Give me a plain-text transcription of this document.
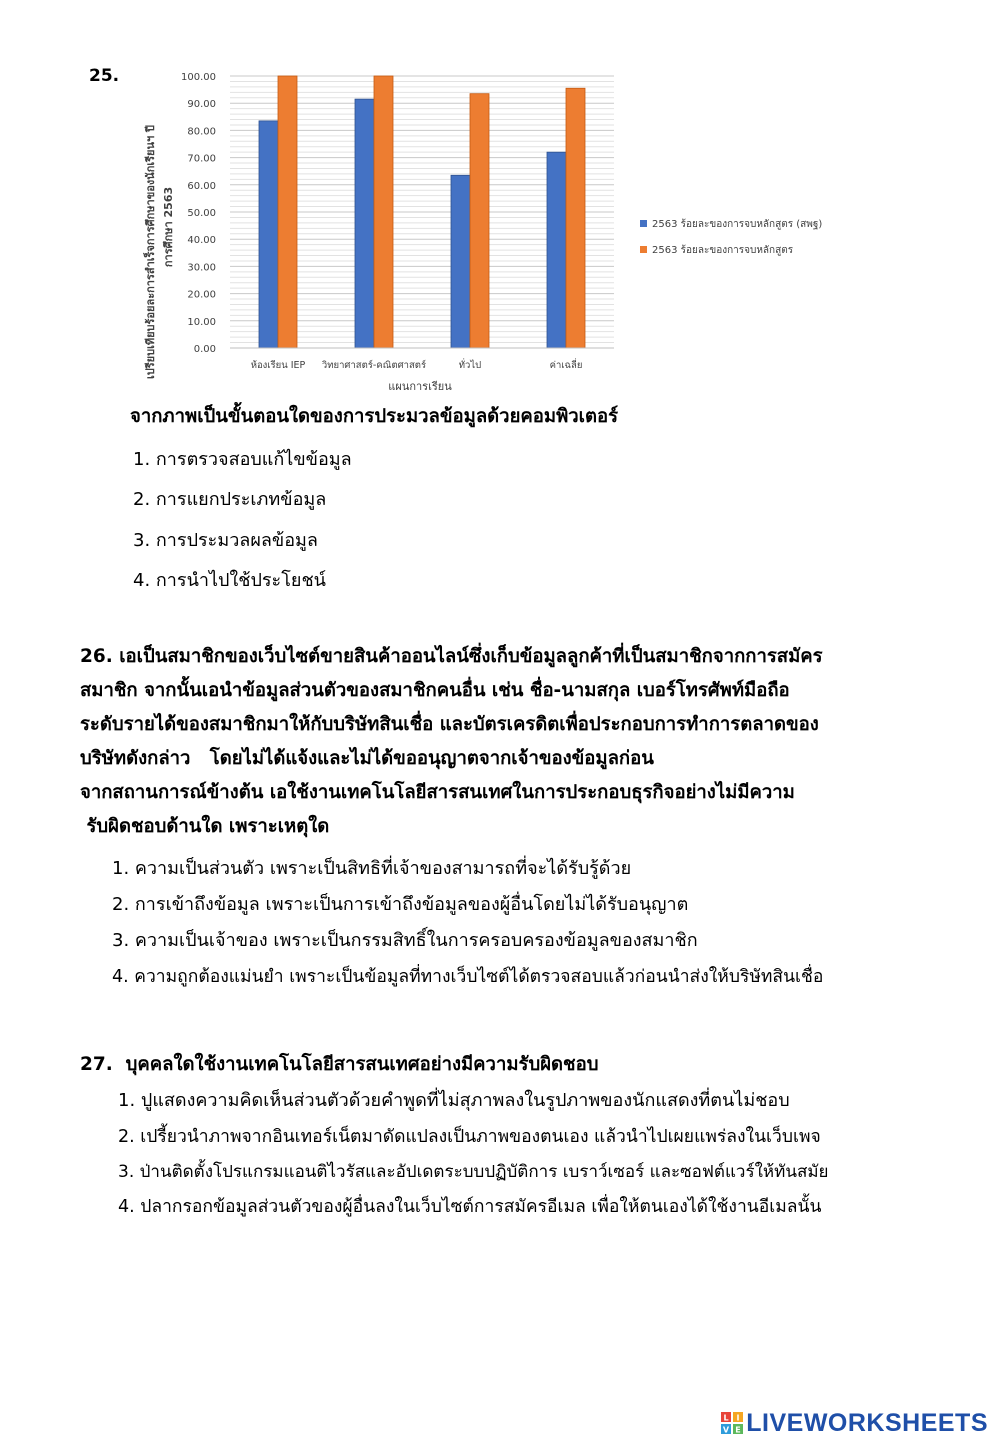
25.
0.00
10.00
20.00
30.00
40.00
50.00
60.00
70.00
80.00
90.00
100.00
ห้องเรียน IEP วิทยาศาสตร์-คณิตศาสตร์	ทั่วไป	ค่าเฉลี่ย
แผนการเรียน
เปรียบเทียบร้อยละการสำเร็จการศึกษาของนักเรียนฯ ปี การศึกษา 2563	2563 ร้อยละของการจบหลักสูตร (สพฐ)
2563 ร้อยละของการจบหลักสูตร
จากภาพเป็นขั้นตอนใดของการประมวลข้อมูลด้วยคอมพิวเตอร์
1. การตรวจสอบแก้ไขข้อมูล
2. การแยกประเภทข้อมูล
3. การประมวลผลข้อมูล
4. การนำไปใช้ประโยชน์
26. เอเป็นสมาชิกของเว็บไซต์ขายสินค้าออนไลน์ซึ่งเก็บข้อมูลลูกค้าที่เป็นสมาชิกจากการสมัคร
สมาชิก จากนั้นเอนำข้อมูลส่วนตัวของสมาชิกคนอื่น เช่น ชื่อ-นามสกุล เบอร์โทรศัพท์มือถือ
ระดับรายได้ของสมาชิกมาให้กับบริษัทสินเชื่อ และบัตรเครดิตเพื่อประกอบการทำการตลาดของ
บริษัทดังกล่าว   โดยไม่ได้แจ้งและไม่ได้ขออนุญาตจากเจ้าของข้อมูลก่อน
จากสถานการณ์ข้างต้น เอใช้งานเทคโนโลยีสารสนเทศในการประกอบธุรกิจอย่างไม่มีความ
รับผิดชอบด้านใด เพราะเหตุใด
1. ความเป็นส่วนตัว เพราะเป็นสิทธิที่เจ้าของสามารถที่จะได้รับรู้ด้วย
2. การเข้าถึงข้อมูล เพราะเป็นการเข้าถึงข้อมูลของผู้อื่นโดยไม่ได้รับอนุญาต
3. ความเป็นเจ้าของ เพราะเป็นกรรมสิทธิ์ในการครอบครองข้อมูลของสมาชิก
4. ความถูกต้องแม่นยำ เพราะเป็นข้อมูลที่ทางเว็บไซต์ได้ตรวจสอบแล้วก่อนนำส่งให้บริษัทสินเชื่อ
27. บุคคลใดใช้งานเทคโนโลยีสารสนเทศอย่างมีความรับผิดชอบ
1. ปูแสดงความคิดเห็นส่วนตัวด้วยคำพูดที่ไม่สุภาพลงในรูปภาพของนักแสดงที่ตนไม่ชอบ
2. เปรี้ยวนำภาพจากอินเทอร์เน็ตมาดัดแปลงเป็นภาพของตนเอง แล้วนำไปเผยแพร่ลงในเว็บเพจ
3. ป่านติดตั้งโปรแกรมแอนติไวรัสและอัปเดตระบบปฏิบัติการ เบราว์เซอร์ และซอฟต์แวร์ให้ทันสมัย
4. ปลากรอกข้อมูลส่วนตัวของผู้อื่นลงในเว็บไซต์การสมัครอีเมล เพื่อให้ตนเองได้ใช้งานอีเมลนั้น
L I
V E LIVEWORKSHEETS
